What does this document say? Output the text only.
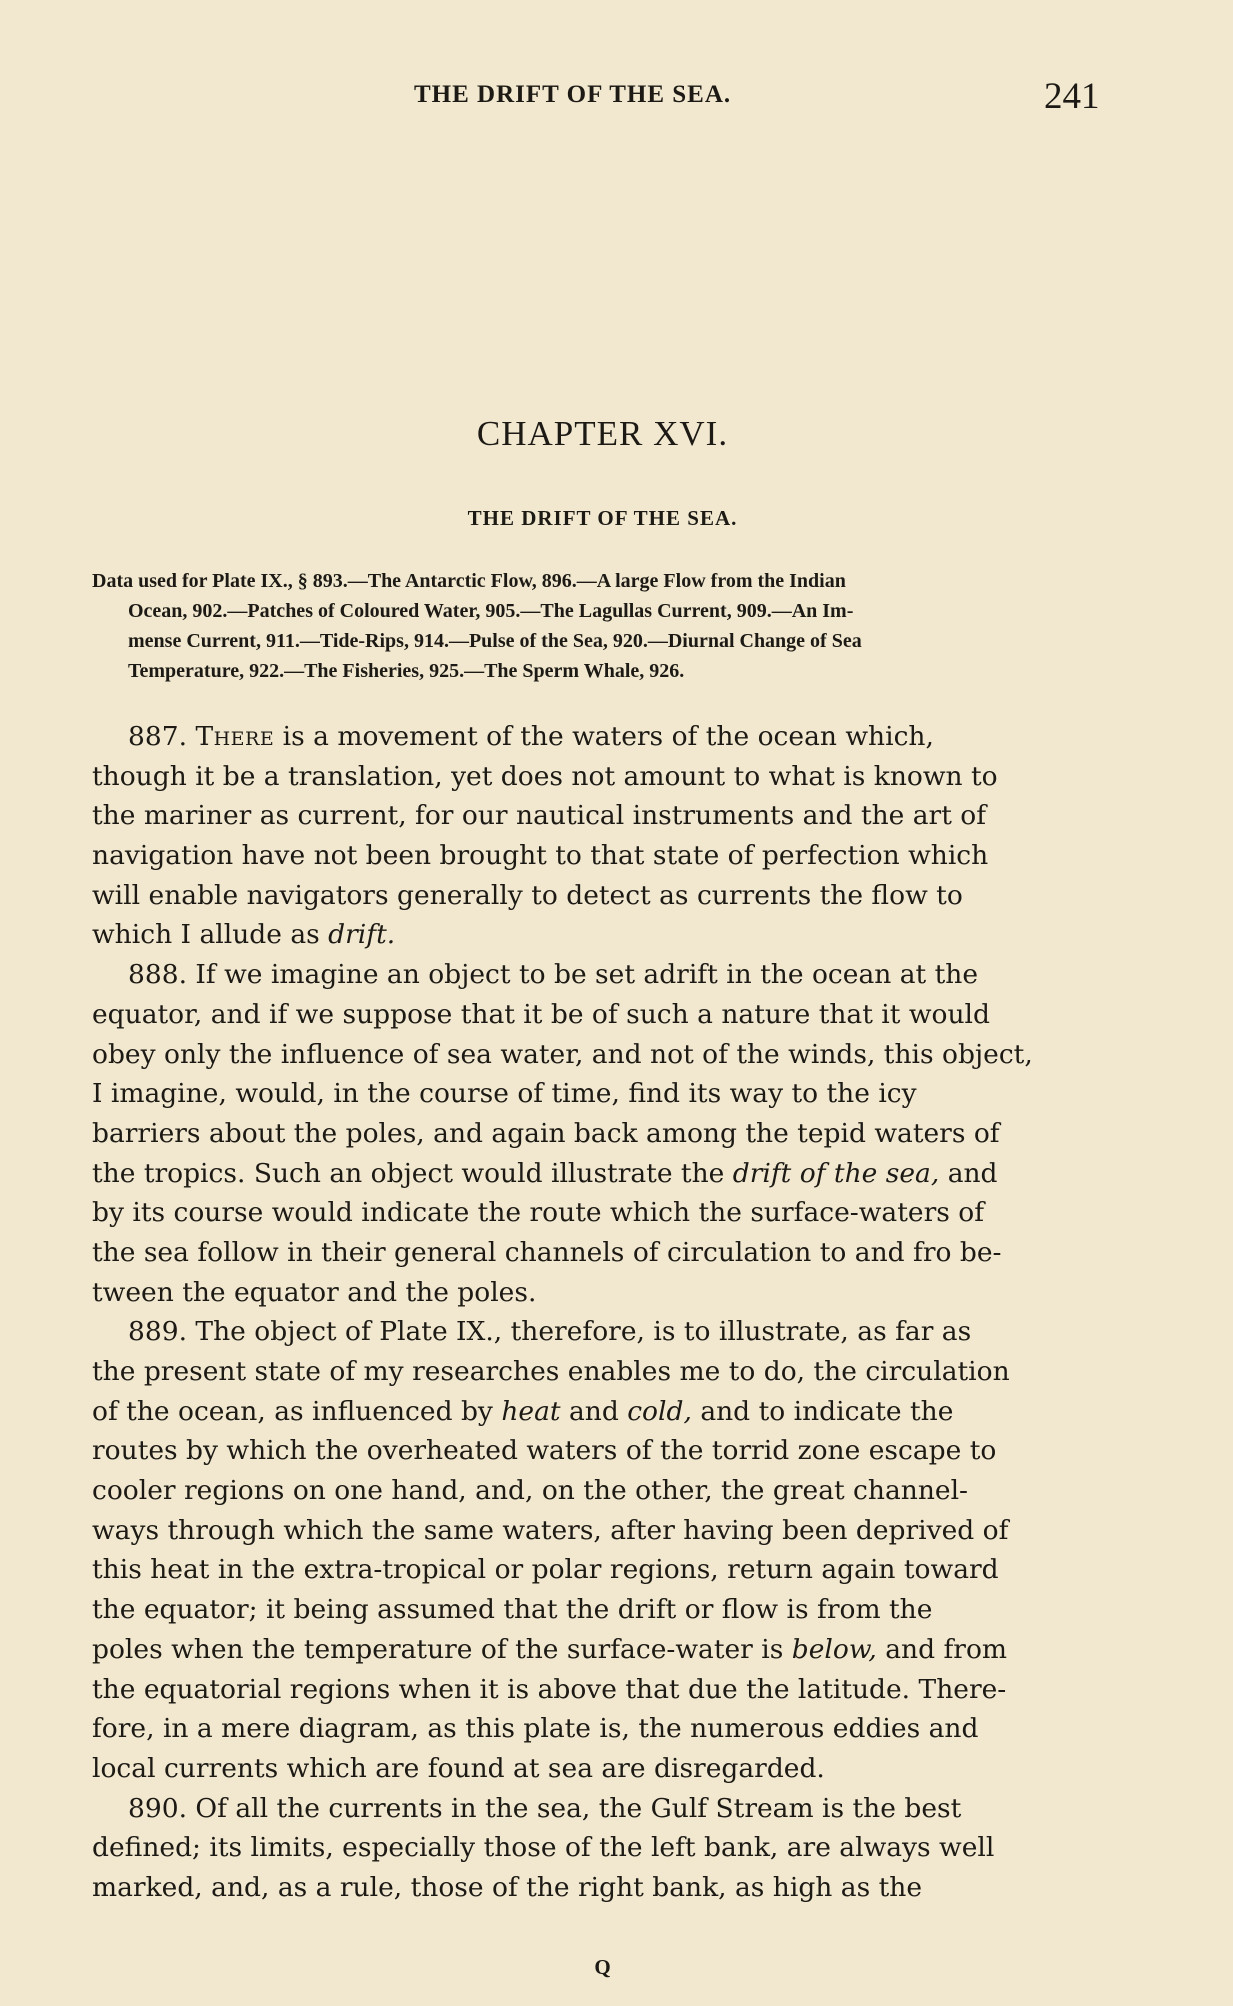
THE DRIFT OF THE SEA.	241
CHAPTER XVI.
THE DRIFT OF THE SEA.
Data used for Plate IX., § 893.—The Antarctic Flow, 896.—A large Flow from the Indian
Ocean, 902.—Patches of Coloured Water, 905.—The Lagullas Current, 909.—An Im-
mense Current, 911.—Tide-Rips, 914.—Pulse of the Sea, 920.—Diurnal Change of Sea
Temperature, 922.—The Fisheries, 925.—The Sperm Whale, 926.
887. There is a movement of the waters of the ocean which,
though it be a translation, yet does not amount to what is known to
the mariner as current, for our nautical instruments and the art of
navigation have not been brought to that state of perfection which
will enable navigators generally to detect as currents the flow to
which I allude as drift.
888. If we imagine an object to be set adrift in the ocean at the
equator, and if we suppose that it be of such a nature that it would
obey only the influence of sea water, and not of the winds, this object,
I imagine, would, in the course of time, find its way to the icy
barriers about the poles, and again back among the tepid waters of
the tropics. Such an object would illustrate the drift of the sea, and
by its course would indicate the route which the surface-waters of
the sea follow in their general channels of circulation to and fro be-
tween the equator and the poles.
889. The object of Plate IX., therefore, is to illustrate, as far as
the present state of my researches enables me to do, the circulation
of the ocean, as influenced by heat and cold, and to indicate the
routes by which the overheated waters of the torrid zone escape to
cooler regions on one hand, and, on the other, the great channel-
ways through which the same waters, after having been deprived of
this heat in the extra-tropical or polar regions, return again toward
the equator; it being assumed that the drift or flow is from the
poles when the temperature of the surface-water is below, and from
the equatorial regions when it is above that due the latitude. There-
fore, in a mere diagram, as this plate is, the numerous eddies and
local currents which are found at sea are disregarded.
890. Of all the currents in the sea, the Gulf Stream is the best
defined; its limits, especially those of the left bank, are always well
marked, and, as a rule, those of the right bank, as high as the
Q
